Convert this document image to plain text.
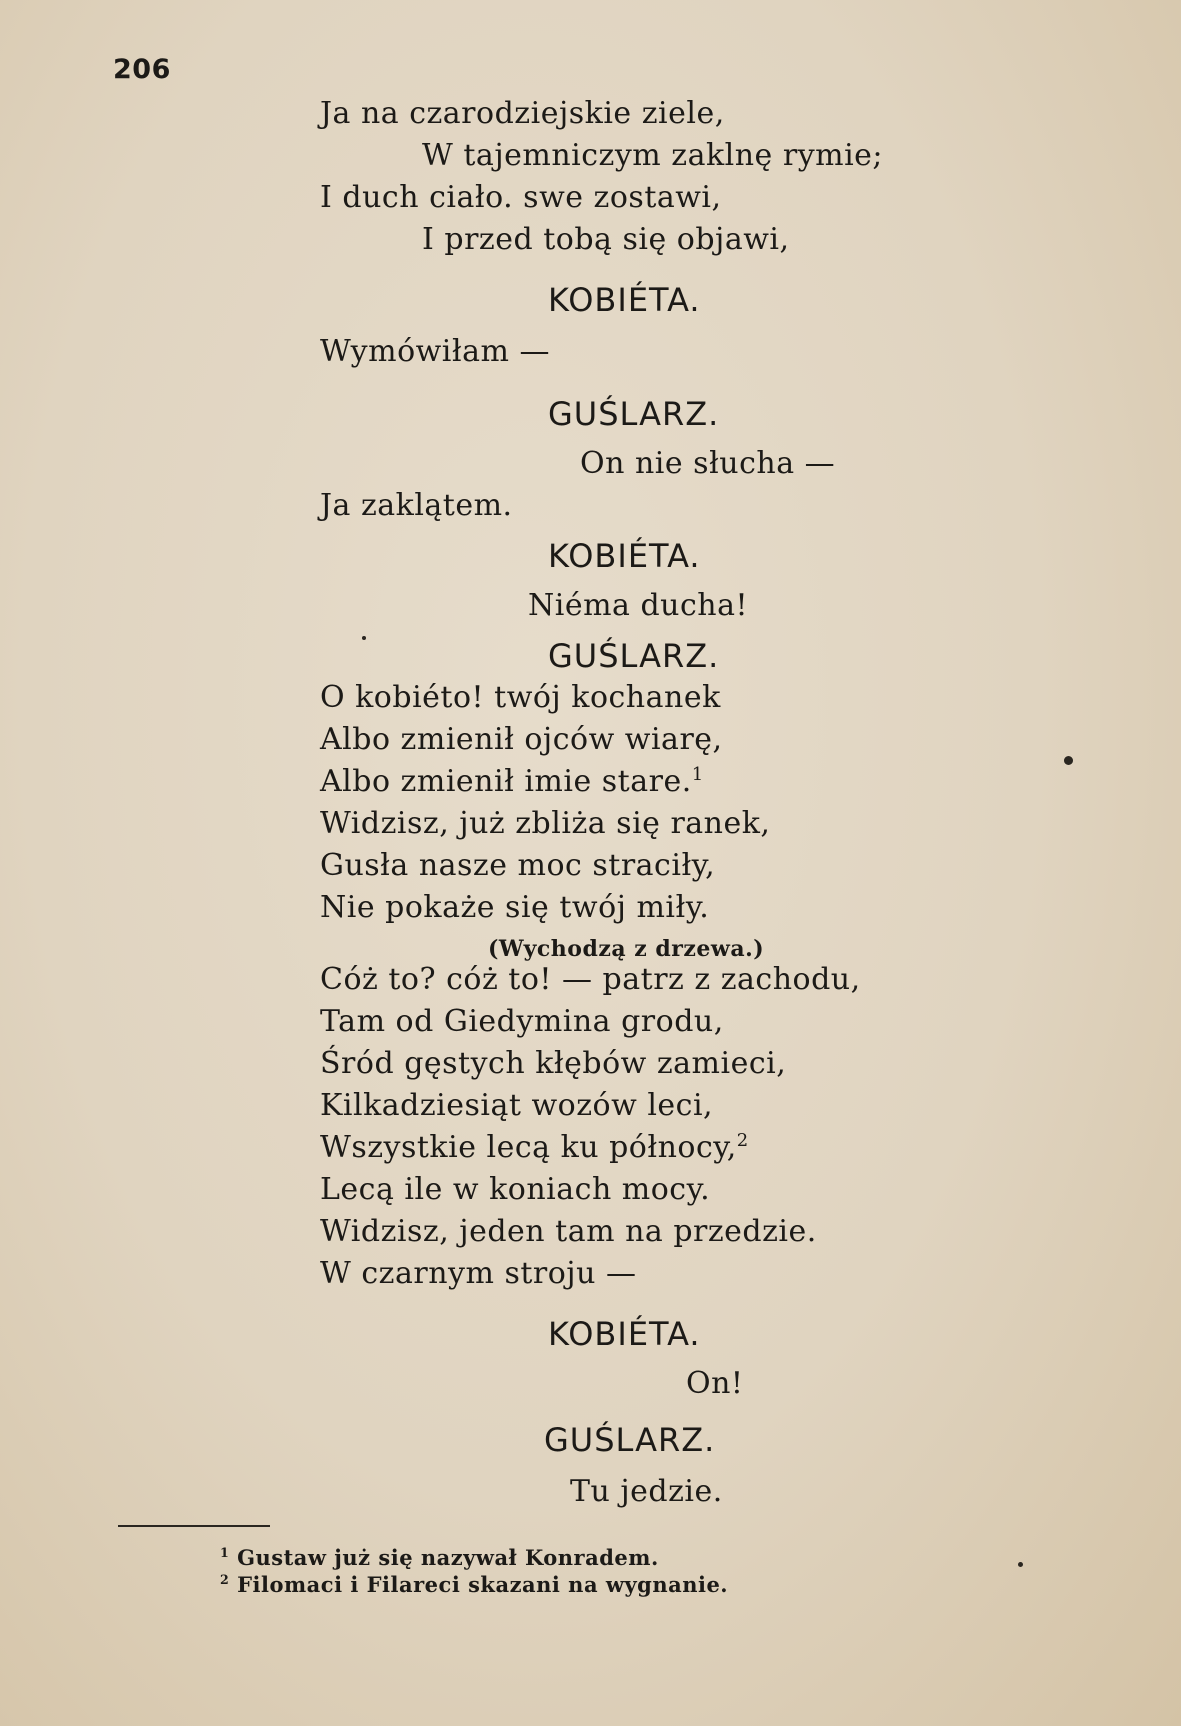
206
Ja na czarodziejskie ziele,
W tajemniczym zaklnę rymie;
I duch ciało. swe zostawi,
I przed tobą się objawi,
KOBIÉTA.
Wymówiłam —
GUŚLARZ.
On nie słucha —
Ja zaklątem.
KOBIÉTA.
Niéma ducha!
GUŚLARZ.
O kobiéto! twój kochanek
Albo zmienił ojców wiarę,
Albo zmienił imie stare.$^1$
Widzisz, już zbliża się ranek,
Gusła nasze moc straciły,
Nie pokaże się twój miły.
(Wychodzą z drzewa.)
Cóż to? cóż to! — patrz z zachodu,
Tam od Giedymina grodu,
Śród gęstych kłębów zamieci,
Kilkadziesiąt wozów leci,
Wszystkie lecą ku północy,$^2$
Lecą ile w koniach mocy.
Widzisz, jeden tam na przedzie.
W czarnym stroju —
KOBIÉTA.
On!
GUŚLARZ.
Tu jedzie.
$^1$ Gustaw już się nazywał Konradem.
$^2$ Filomaci i Filareci skazani na wygnanie.
